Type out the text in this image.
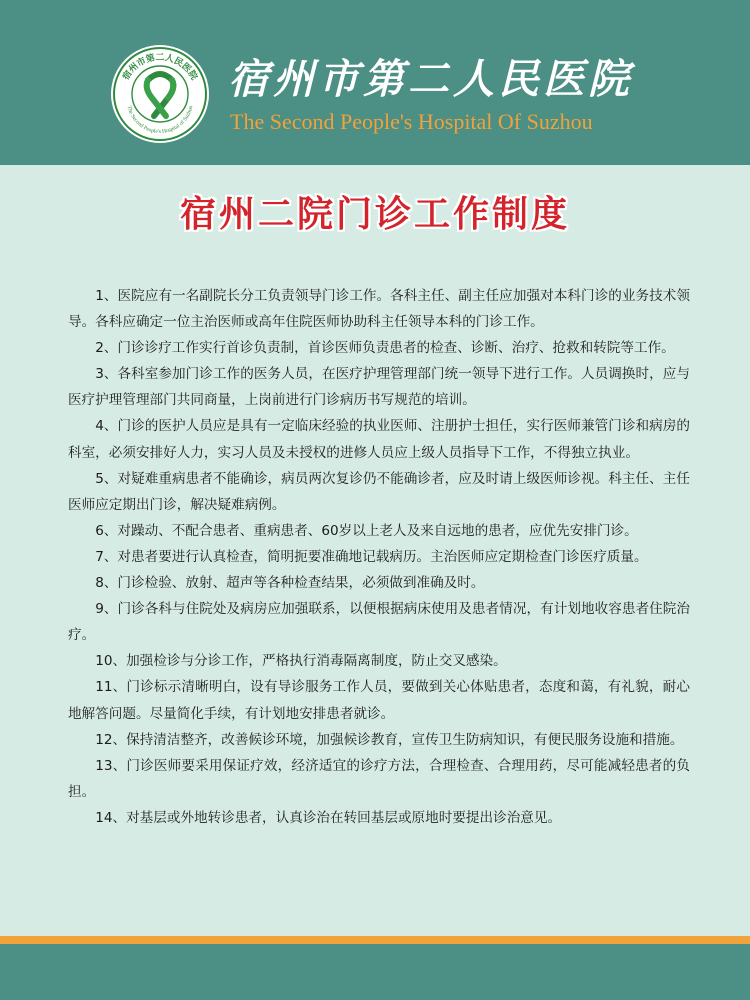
宿州市第二人民医院
The Second People's Hospital of Suzhou
宿州市第二人民医院
The Second People's Hospital Of Suzhou
宿州二院门诊工作制度

1、医院应有一名副院长分工负责领导门诊工作。各科主任、副主任应加强对本科门诊的业务技术领导。各科应确定一位主治医师或高年住院医师协助科主任领导本科的门诊工作。

2、门诊诊疗工作实行首诊负责制，首诊医师负责患者的检查、诊断、治疗、抢救和转院等工作。

3、各科室参加门诊工作的医务人员，在医疗护理管理部门统一领导下进行工作。人员调换时，应与医疗护理管理部门共同商量，上岗前进行门诊病历书写规范的培训。

4、门诊的医护人员应是具有一定临床经验的执业医师、注册护士担任，实行医师兼管门诊和病房的科室，必须安排好人力，实习人员及未授权的进修人员应上级人员指导下工作，不得独立执业。

5、对疑难重病患者不能确诊，病员两次复诊仍不能确诊者，应及时请上级医师诊视。科主任、主任医师应定期出门诊，解决疑难病例。

6、对躁动、不配合患者、重病患者、60岁以上老人及来自远地的患者，应优先安排门诊。

7、对患者要进行认真检查，简明扼要准确地记载病历。主治医师应定期检查门诊医疗质量。

8、门诊检验、放射、超声等各种检查结果，必须做到准确及时。

9、门诊各科与住院处及病房应加强联系，以便根据病床使用及患者情况，有计划地收容患者住院治疗。

10、加强检诊与分诊工作，严格执行消毒隔离制度，防止交叉感染。

11、门诊标示清晰明白，设有导诊服务工作人员，要做到关心体贴患者，态度和蔼，有礼貌，耐心地解答问题。尽量简化手续，有计划地安排患者就诊。

12、保持清洁整齐，改善候诊环境，加强候诊教育，宣传卫生防病知识，有便民服务设施和措施。

13、门诊医师要采用保证疗效，经济适宜的诊疗方法，合理检查、合理用药，尽可能减轻患者的负担。

14、对基层或外地转诊患者，认真诊治在转回基层或原地时要提出诊治意见。
